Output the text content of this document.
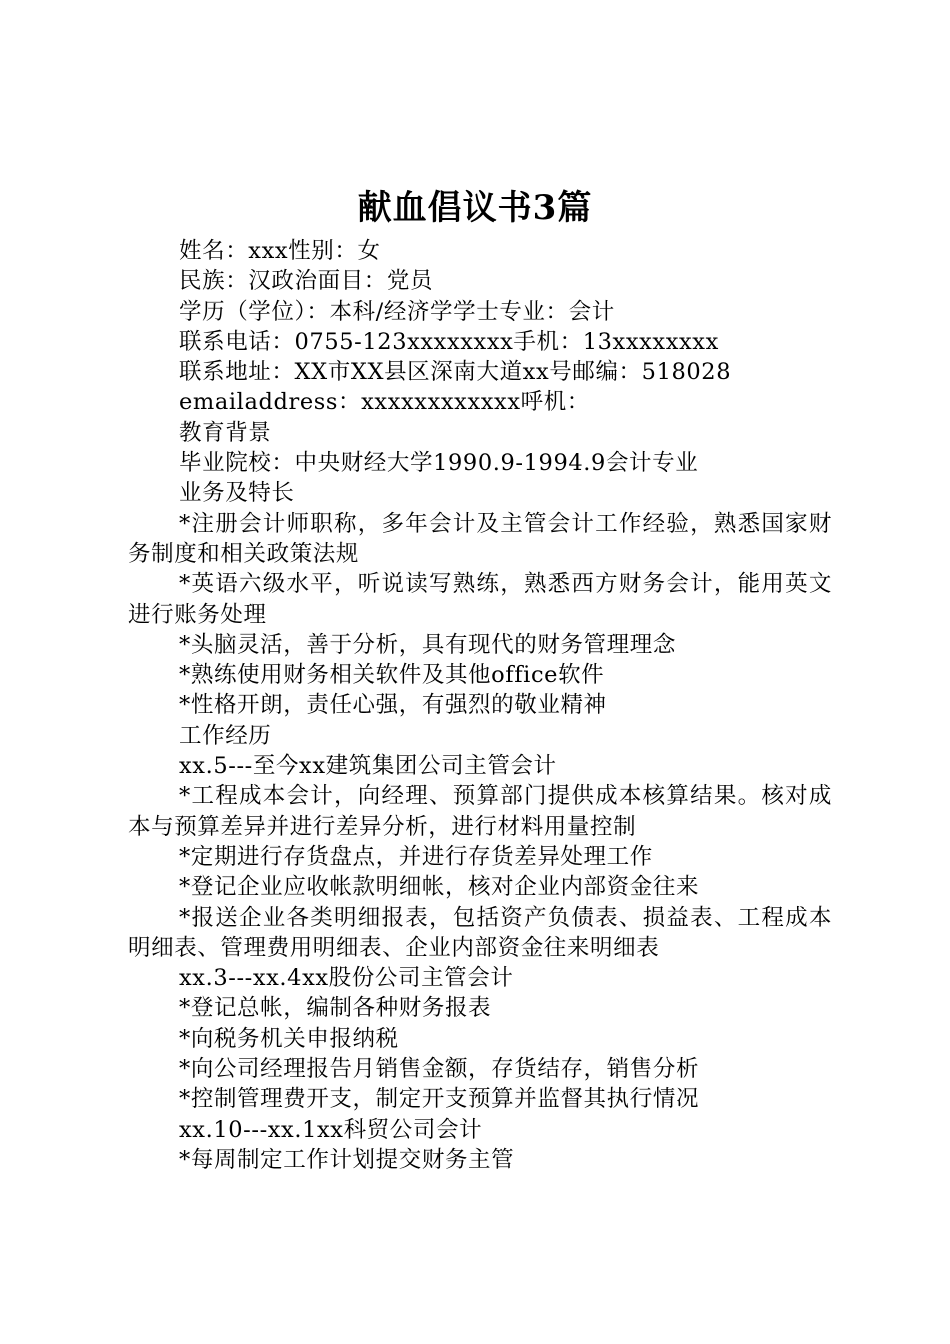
献血倡议书3篇

姓名：xxx性别：女

民族：汉政治面目：党员

学历（学位）：本科/经济学学士专业：会计

联系电话：0755-123xxxxxxxx手机：13xxxxxxxx

联系地址：XX市XX县区深南大道xx号邮编：518028

emailaddress：xxxxxxxxxxxx呼机：

教育背景

毕业院校：中央财经大学1990.9-1994.9会计专业

业务及特长

*注册会计师职称，多年会计及主管会计工作经验，熟悉国家财务制度和相关政策法规

*英语六级水平，听说读写熟练，熟悉西方财务会计，能用英文进行账务处理

*头脑灵活，善于分析，具有现代的财务管理理念

*熟练使用财务相关软件及其他office软件

*性格开朗，责任心强，有强烈的敬业精神

工作经历

xx.5---至今xx建筑集团公司主管会计

*工程成本会计，向经理、预算部门提供成本核算结果。核对成本与预算差异并进行差异分析，进行材料用量控制

*定期进行存货盘点，并进行存货差异处理工作

*登记企业应收帐款明细帐，核对企业内部资金往来

*报送企业各类明细报表，包括资产负债表、损益表、工程成本明细表、管理费用明细表、企业内部资金往来明细表

xx.3---xx.4xx股份公司主管会计

*登记总帐，编制各种财务报表

*向税务机关申报纳税

*向公司经理报告月销售金额，存货结存，销售分析

*控制管理费开支，制定开支预算并监督其执行情况

xx.10---xx.1xx科贸公司会计

*每周制定工作计划提交财务主管
